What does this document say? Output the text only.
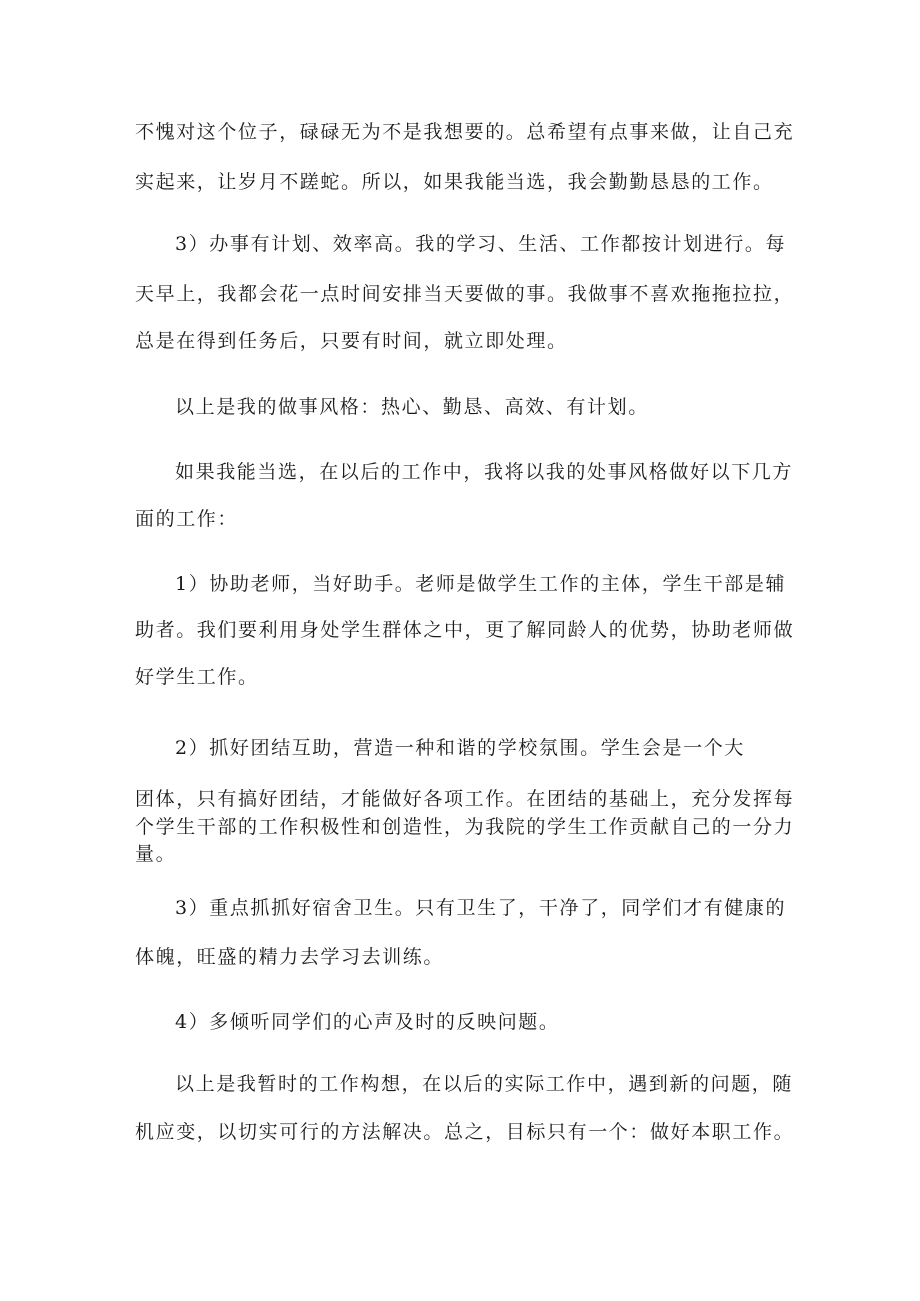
不愧对这个位子，碌碌无为不是我想要的。总希望有点事来做，让自己充
实起来，让岁月不蹉蛇。所以，如果我能当选，我会勤勤恳恳的工作。
3）办事有计划、效率高。我的学习、生活、工作都按计划进行。每
天早上，我都会花一点时间安排当天要做的事。我做事不喜欢拖拖拉拉，
总是在得到任务后，只要有时间，就立即处理。
以上是我的做事风格：热心、勤恳、高效、有计划。
如果我能当选，在以后的工作中，我将以我的处事风格做好以下几方
面的工作：
1）协助老师，当好助手。老师是做学生工作的主体，学生干部是辅
助者。我们要利用身处学生群体之中，更了解同龄人的优势，协助老师做
好学生工作。
2）抓好团结互助，营造一种和谐的学校氛围。学生会是一个大
团体，只有搞好团结，才能做好各项工作。在团结的基础上，充分发挥每
个学生干部的工作积极性和创造性，为我院的学生工作贡献自己的一分力
量。
3）重点抓抓好宿舍卫生。只有卫生了，干净了，同学们才有健康的
体魄，旺盛的精力去学习去训练。
4）多倾听同学们的心声及时的反映问题。
以上是我暂时的工作构想，在以后的实际工作中，遇到新的问题，随
机应变，以切实可行的方法解决。总之，目标只有一个：做好本职工作。
